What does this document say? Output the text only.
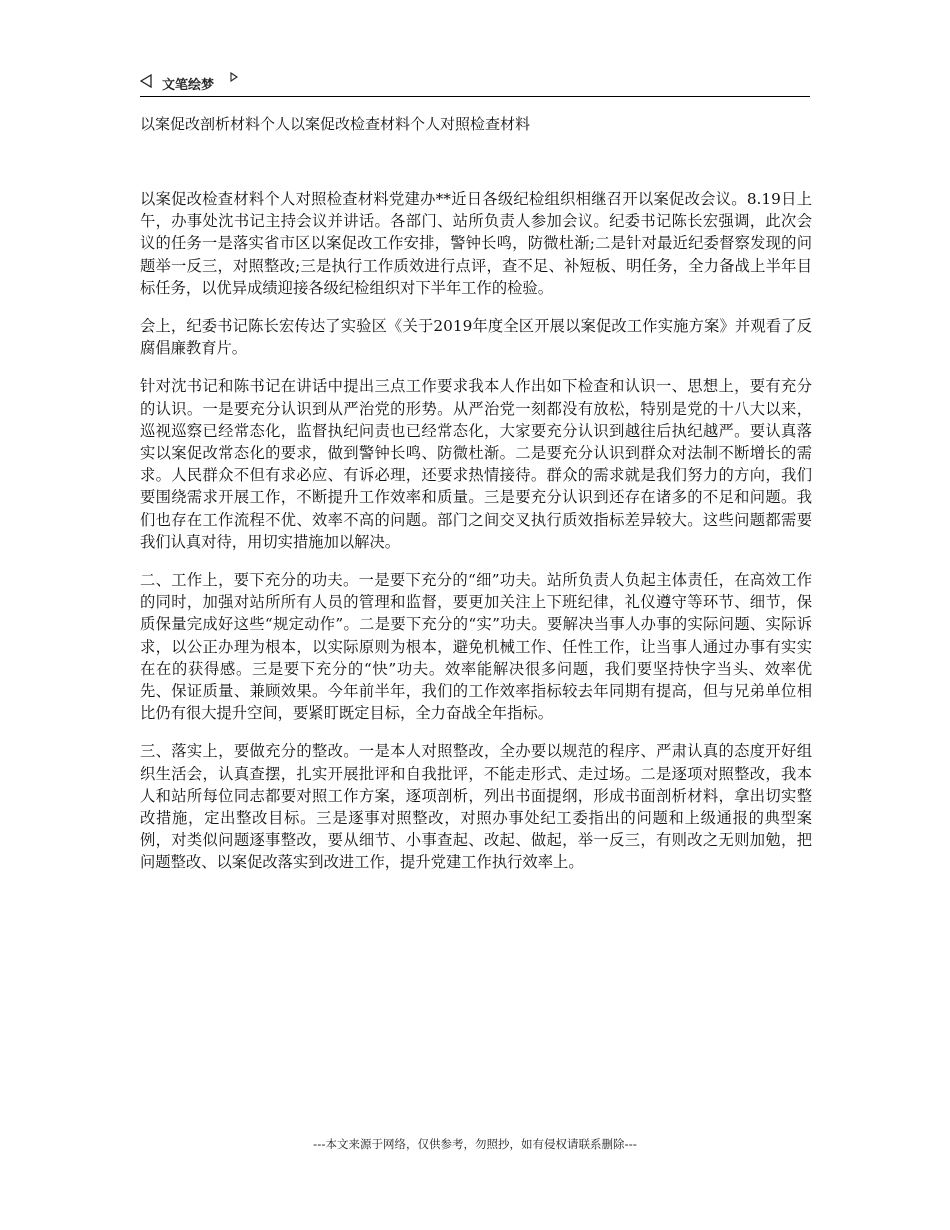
文笔绘梦
以案促改剖析材料个人以案促改检查材料个人对照检查材料

以案促改检查材料个人对照检查材料党建办**近日各级纪检组织相继召开以案促改会议。8.19日上午，办事处沈书记主持会议并讲话。各部门、站所负责人参加会议。纪委书记陈长宏强调，此次会议的任务一是落实省市区以案促改工作安排，警钟长鸣，防微杜渐;二是针对最近纪委督察发现的问题举一反三，对照整改;三是执行工作质效进行点评，查不足、补短板、明任务，全力备战上半年目标任务，以优异成绩迎接各级纪检组织对下半年工作的检验。

会上，纪委书记陈长宏传达了实验区《关于2019年度全区开展以案促改工作实施方案》并观看了反腐倡廉教育片。

针对沈书记和陈书记在讲话中提出三点工作要求我本人作出如下检查和认识一、思想上，要有充分的认识。一是要充分认识到从严治党的形势。从严治党一刻都没有放松，特别是党的十八大以来，巡视巡察已经常态化，监督执纪问责也已经常态化，大家要充分认识到越往后执纪越严。要认真落实以案促改常态化的要求，做到警钟长鸣、防微杜渐。二是要充分认识到群众对法制不断增长的需求。人民群众不但有求必应、有诉必理，还要求热情接待。群众的需求就是我们努力的方向，我们要围绕需求开展工作，不断提升工作效率和质量。三是要充分认识到还存在诸多的不足和问题。我们也存在工作流程不优、效率不高的问题。部门之间交叉执行质效指标差异较大。这些问题都需要我们认真对待，用切实措施加以解决。

二、工作上，要下充分的功夫。一是要下充分的“细”功夫。站所负责人负起主体责任，在高效工作的同时，加强对站所所有人员的管理和监督，要更加关注上下班纪律，礼仪遵守等环节、细节，保质保量完成好这些“规定动作”。二是要下充分的“实”功夫。要解决当事人办事的实际问题、实际诉求，以公正办理为根本，以实际原则为根本，避免机械工作、任性工作，让当事人通过办事有实实在在的获得感。三是要下充分的“快”功夫。效率能解决很多问题，我们要坚持快字当头、效率优先、保证质量、兼顾效果。今年前半年，我们的工作效率指标较去年同期有提高，但与兄弟单位相比仍有很大提升空间，要紧盯既定目标，全力奋战全年指标。

三、落实上，要做充分的整改。一是本人对照整改，全办要以规范的程序、严肃认真的态度开好组织生活会，认真查摆，扎实开展批评和自我批评，不能走形式、走过场。二是逐项对照整改，我本人和站所每位同志都要对照工作方案，逐项剖析，列出书面提纲，形成书面剖析材料，拿出切实整改措施，定出整改目标。三是逐事对照整改，对照办事处纪工委指出的问题和上级通报的典型案例，对类似问题逐事整改，要从细节、小事查起、改起、做起，举一反三，有则改之无则加勉，把问题整改、以案促改落实到改进工作，提升党建工作执行效率上。

---本文来源于网络，仅供参考，勿照抄，如有侵权请联系删除---
